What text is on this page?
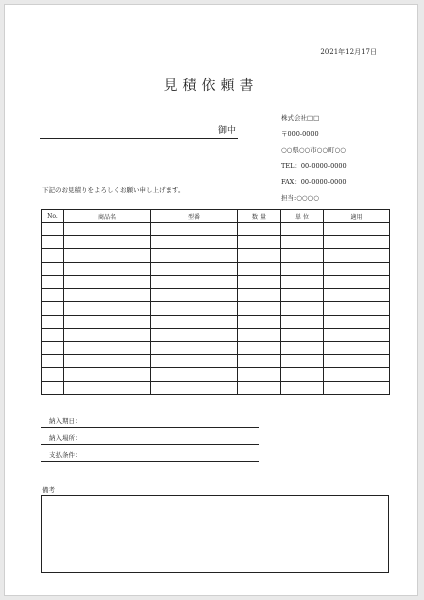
2021年12月17日
見積依頼書
御中
株式会社□□
〒000-0000
○○県○○市○○町○○
TEL：00-0000-0000
FAX：00-0000-0000
担当:○○○○
下記のお見積りをよろしくお願い申し上げます。
No.	商品名	型番	数 量	単 位	適用

納入期日：
納入場所：
支払条件：
備考
